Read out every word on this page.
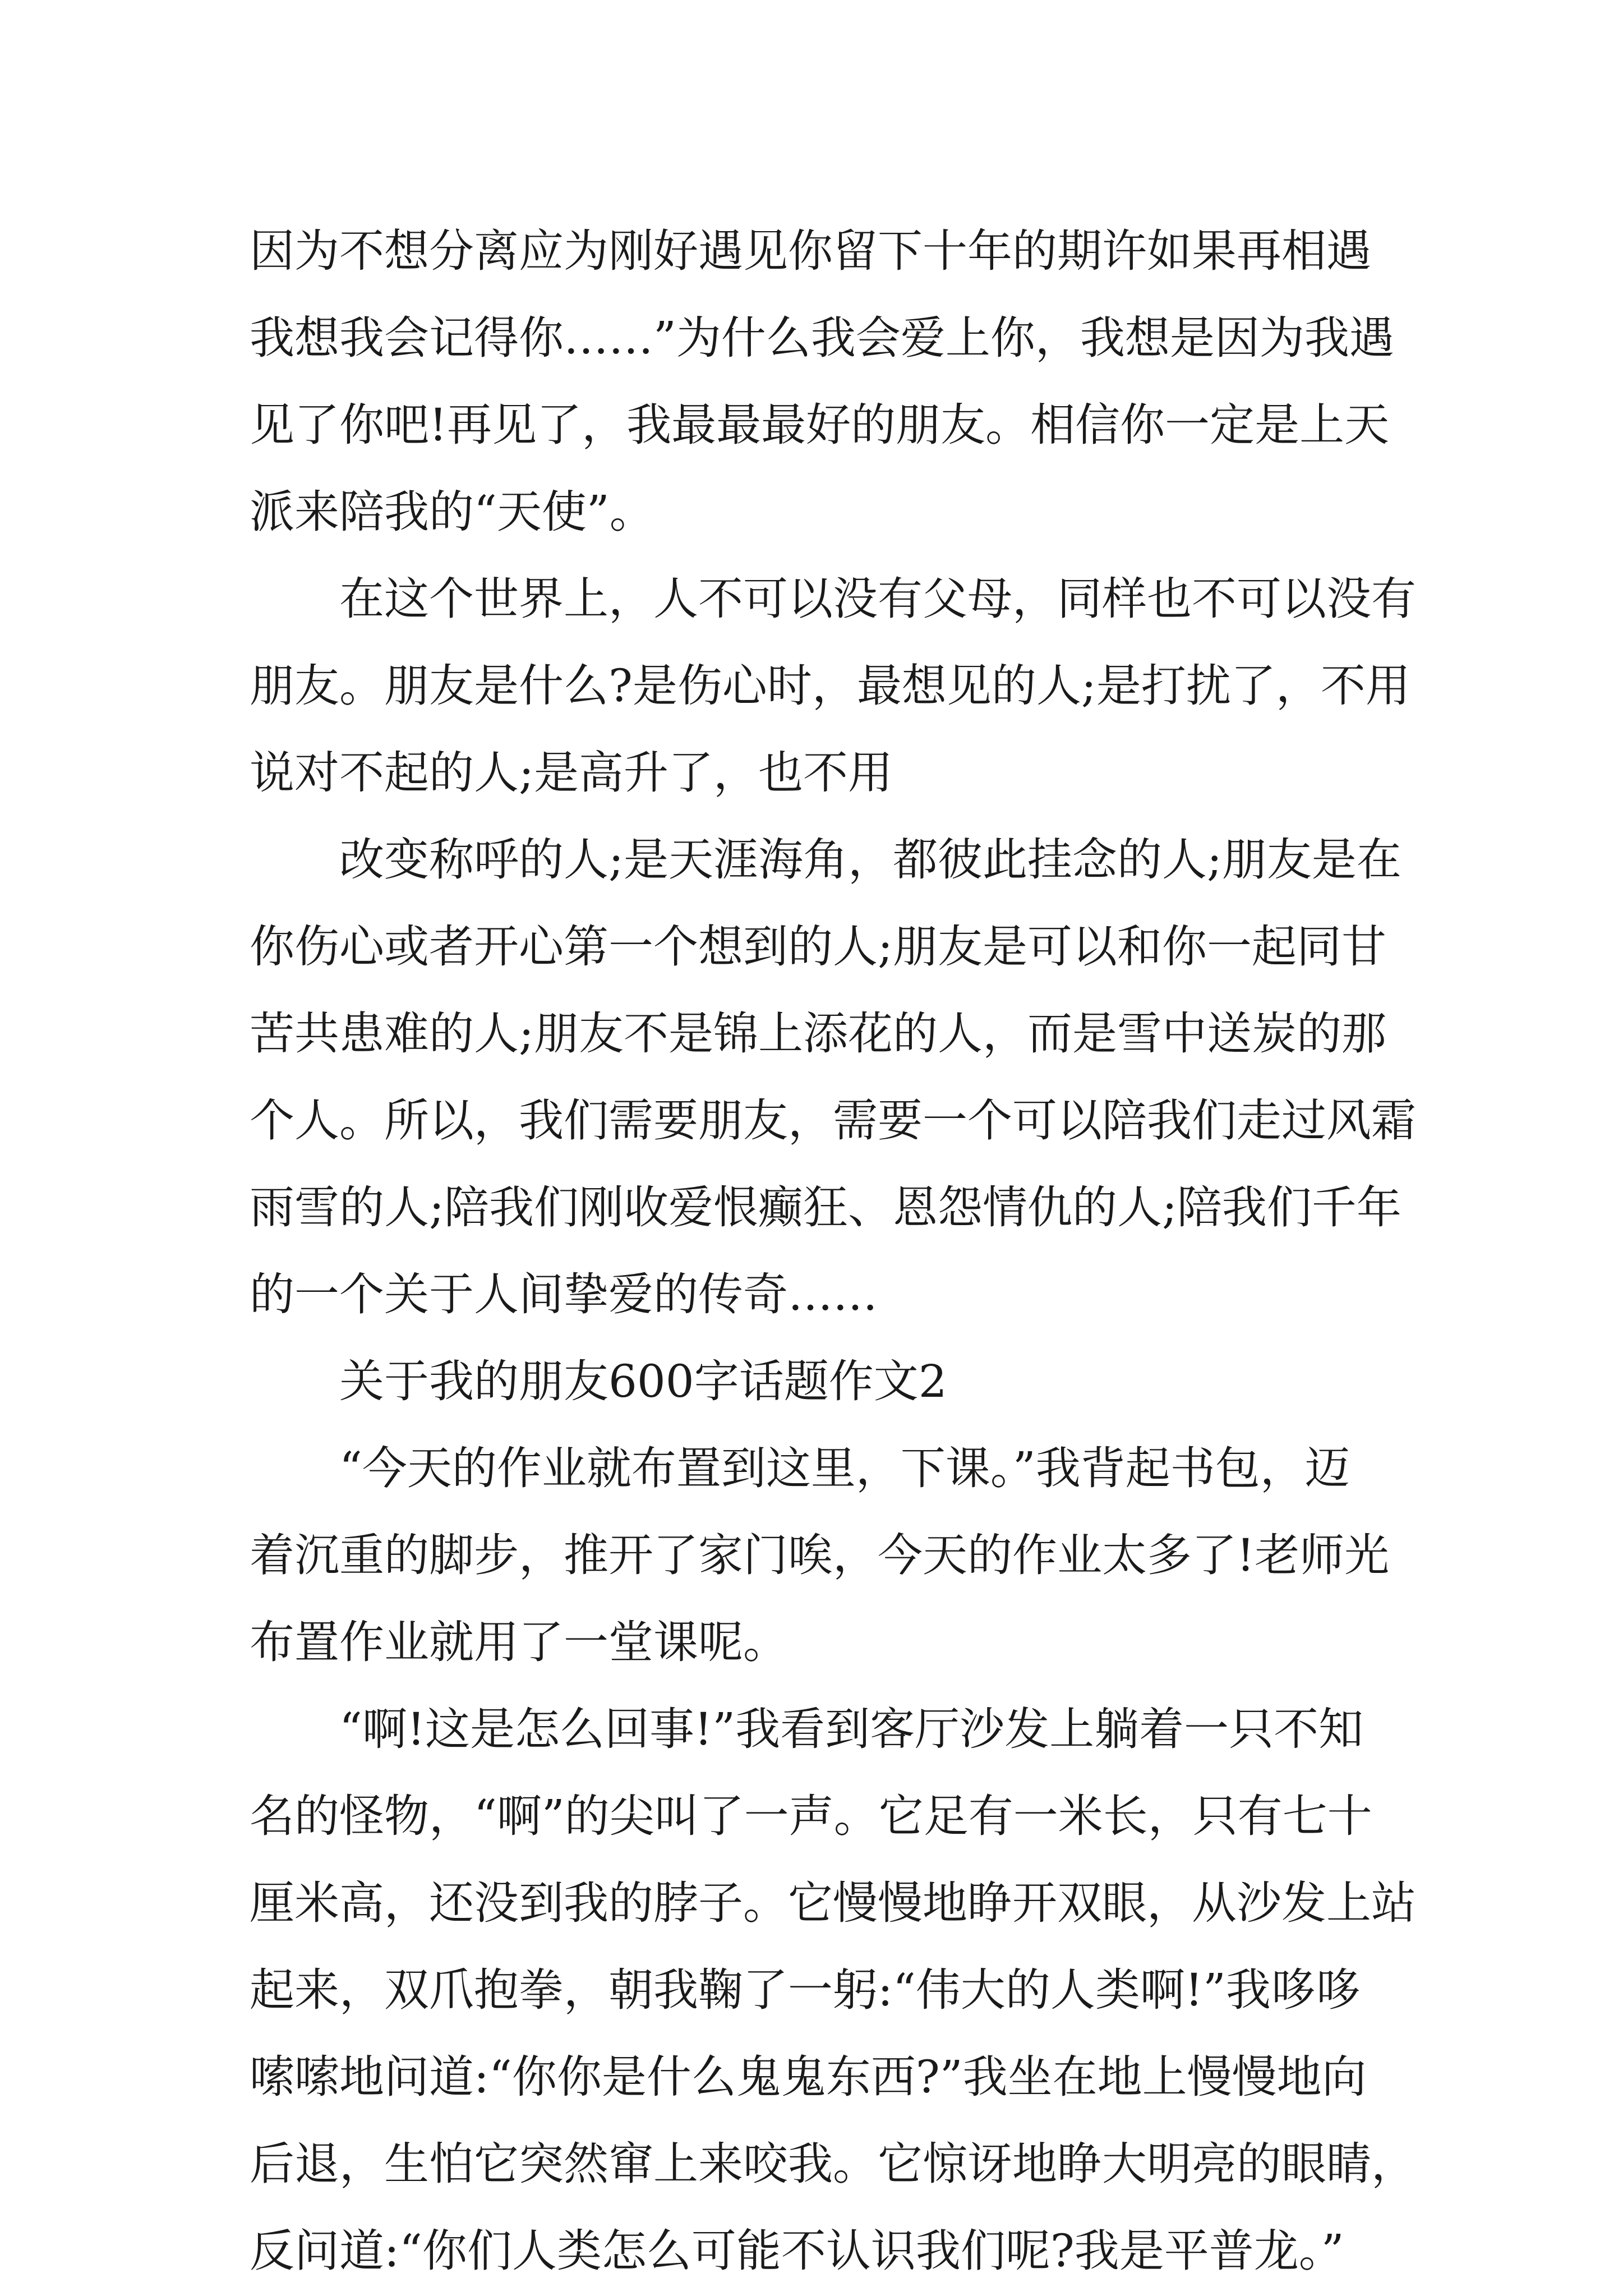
因为不想分离应为刚好遇见你留下十年的期许如果再相遇
我想我会记得你……”为什么我会爱上你，我想是因为我遇
见了你吧!再见了，我最最最好的朋友。相信你一定是上天
派来陪我的“天使”。
在这个世界上，人不可以没有父母，同样也不可以没有
朋友。朋友是什么?是伤心时，最想见的人;是打扰了，不用
说对不起的人;是高升了，也不用
改变称呼的人;是天涯海角，都彼此挂念的人;朋友是在
你伤心或者开心第一个想到的人;朋友是可以和你一起同甘
苦共患难的人;朋友不是锦上添花的人，而是雪中送炭的那
个人。所以，我们需要朋友，需要一个可以陪我们走过风霜
雨雪的人;陪我们刚收爱恨癫狂、恩怨情仇的人;陪我们千年
的一个关于人间挚爱的传奇……
关于我的朋友600字话题作文2
“今天的作业就布置到这里，下课。”我背起书包，迈
着沉重的脚步，推开了家门唉，今天的作业太多了!老师光
布置作业就用了一堂课呢。
“啊!这是怎么回事!”我看到客厅沙发上躺着一只不知
名的怪物，“啊”的尖叫了一声。它足有一米长，只有七十
厘米高，还没到我的脖子。它慢慢地睁开双眼，从沙发上站
起来，双爪抱拳，朝我鞠了一躬:“伟大的人类啊!”我哆哆
嗦嗦地问道:“你你是什么鬼鬼东西?”我坐在地上慢慢地向
后退，生怕它突然窜上来咬我。它惊讶地睁大明亮的眼睛，
反问道:“你们人类怎么可能不认识我们呢?我是平普龙。”
